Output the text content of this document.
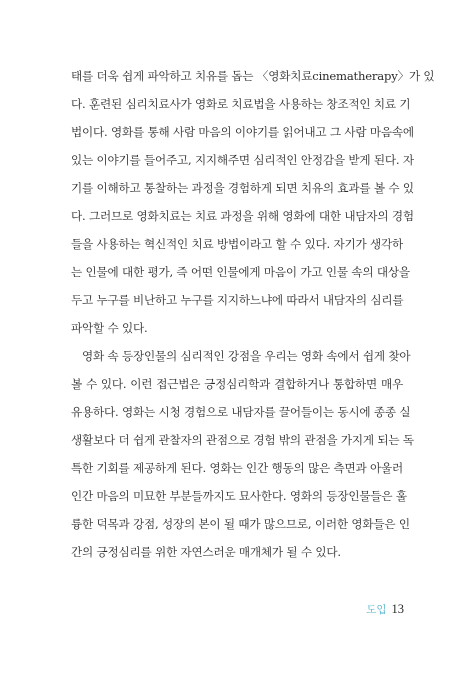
태를 더욱 쉽게 파악하고 치유를 돕는 〈영화치료cinematherapy〉가 있
다. 훈련된 심리치료사가 영화로 치료법을 사용하는 창조적인 치료 기
법이다. 영화를 통해 사람 마음의 이야기를 읽어내고 그 사람 마음속에
있는 이야기를 들어주고, 지지해주면 심리적인 안정감을 받게 된다. 자
기를 이해하고 통찰하는 과정을 경험하게 되면 치유의 효과를 볼 수 있
다. 그러므로 영화치료는 치료 과정을 위해 영화에 대한 내담자의 경험
들을 사용하는 혁신적인 치료 방법이라고 할 수 있다. 자기가 생각하
는 인물에 대한 평가, 즉 어떤 인물에게 마음이 가고 인물 속의 대상을
두고 누구를 비난하고 누구를 지지하느냐에 따라서 내담자의 심리를
파악할 수 있다.

영화 속 등장인물의 심리적인 강점을 우리는 영화 속에서 쉽게 찾아
볼 수 있다. 이런 접근법은 긍정심리학과 결합하거나 통합하면 매우
유용하다. 영화는 시청 경험으로 내담자를 끌어들이는 동시에 종종 실
생활보다 더 쉽게 관찰자의 관점으로 경험 밖의 관점을 가지게 되는 독
특한 기회를 제공하게 된다. 영화는 인간 행동의 많은 측면과 아울러
인간 마음의 미묘한 부분들까지도 묘사한다. 영화의 등장인물들은 훌
륭한 덕목과 강점, 성장의 본이 될 때가 많으므로, 이러한 영화들은 인
간의 긍정심리를 위한 자연스러운 매개체가 될 수 있다.

도입 13
